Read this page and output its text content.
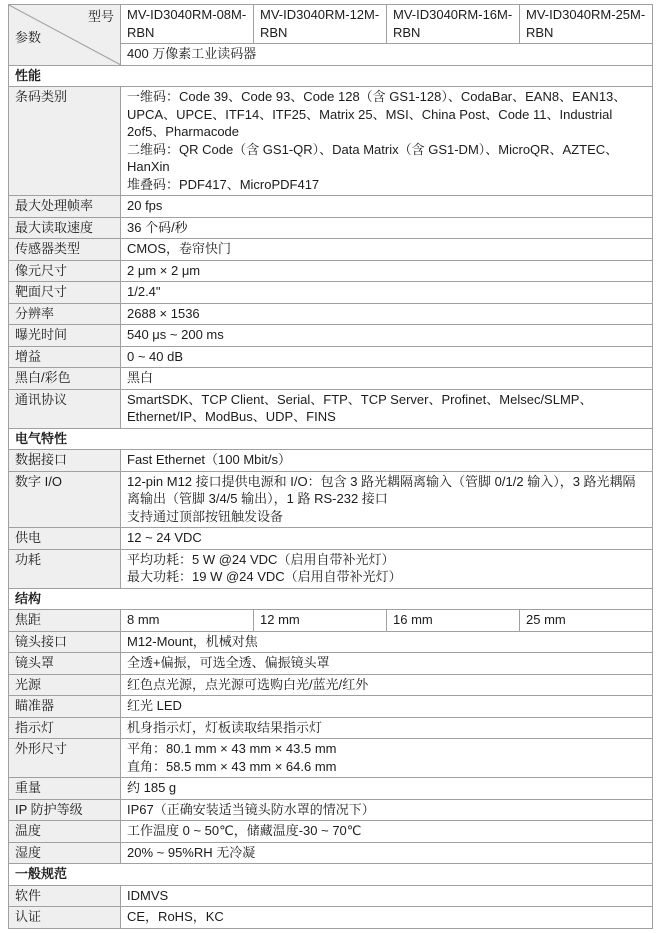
型号
参数	MV-ID3040RM-08M-RBN	MV-ID3040RM-12M-RBN	MV-ID3040RM-16M-RBN	MV-ID3040RM-25M-RBN
	400 万像素工业读码器			
性能				
条码类别	一维码：Code 39、Code 93、Code 128（含 GS1-128）、CodaBar、EAN8、EAN13、UPCA、UPCE、ITF14、ITF25、Matrix 25、MSI、China Post、Code 11、Industrial 2of5、Pharmacode
二维码：QR Code（含 GS1-QR）、Data Matrix（含 GS1-DM）、MicroQR、AZTEC、HanXin
堆叠码：PDF417、MicroPDF417			

最大处理帧率	20 fps			

最大读取速度	36 个码/秒			

传感器类型	CMOS，卷帘快门			

像元尺寸	2 μm × 2 μm			

靶面尺寸	1/2.4"			

分辨率	2688 × 1536			

曝光时间	540 μs ~ 200 ms			

增益	0 ~ 40 dB			

黑白/彩色	黑白			

通讯协议	SmartSDK、TCP Client、Serial、FTP、TCP Server、Profinet、Melsec/SLMP、Ethernet/IP、ModBus、UDP、FINS			

电气特性				
数据接口	Fast Ethernet（100 Mbit/s）			

数字 I/O	12-pin M12 接口提供电源和 I/O：包含 3 路光耦隔离输入（管脚 0/1/2 输入），3 路光耦隔离输出（管脚 3/4/5 输出），1 路 RS-232 接口
支持通过顶部按钮触发设备			

供电	12 ~ 24 VDC			

功耗	平均功耗：5 W @24 VDC（启用自带补光灯）
最大功耗：19 W @24 VDC（启用自带补光灯）			

结构				
焦距	8 mm	12 mm	16 mm	25 mm
镜头接口	M12-Mount，机械对焦			

镜头罩	全透+偏振，可选全透、偏振镜头罩			

光源	红色点光源，点光源可选购白光/蓝光/红外			

瞄准器	红光 LED			

指示灯	机身指示灯，灯板读取结果指示灯			

外形尺寸	平角：80.1 mm × 43 mm × 43.5 mm
直角：58.5 mm × 43 mm × 64.6 mm			

重量	约 185 g			

IP 防护等级	IP67（正确安装适当镜头防水罩的情况下）			

温度	工作温度 0 ~ 50℃，储藏温度-30 ~ 70℃			

湿度	20% ~ 95%RH 无冷凝			

一般规范				
软件	IDMVS			

认证	CE，RoHS，KC			
